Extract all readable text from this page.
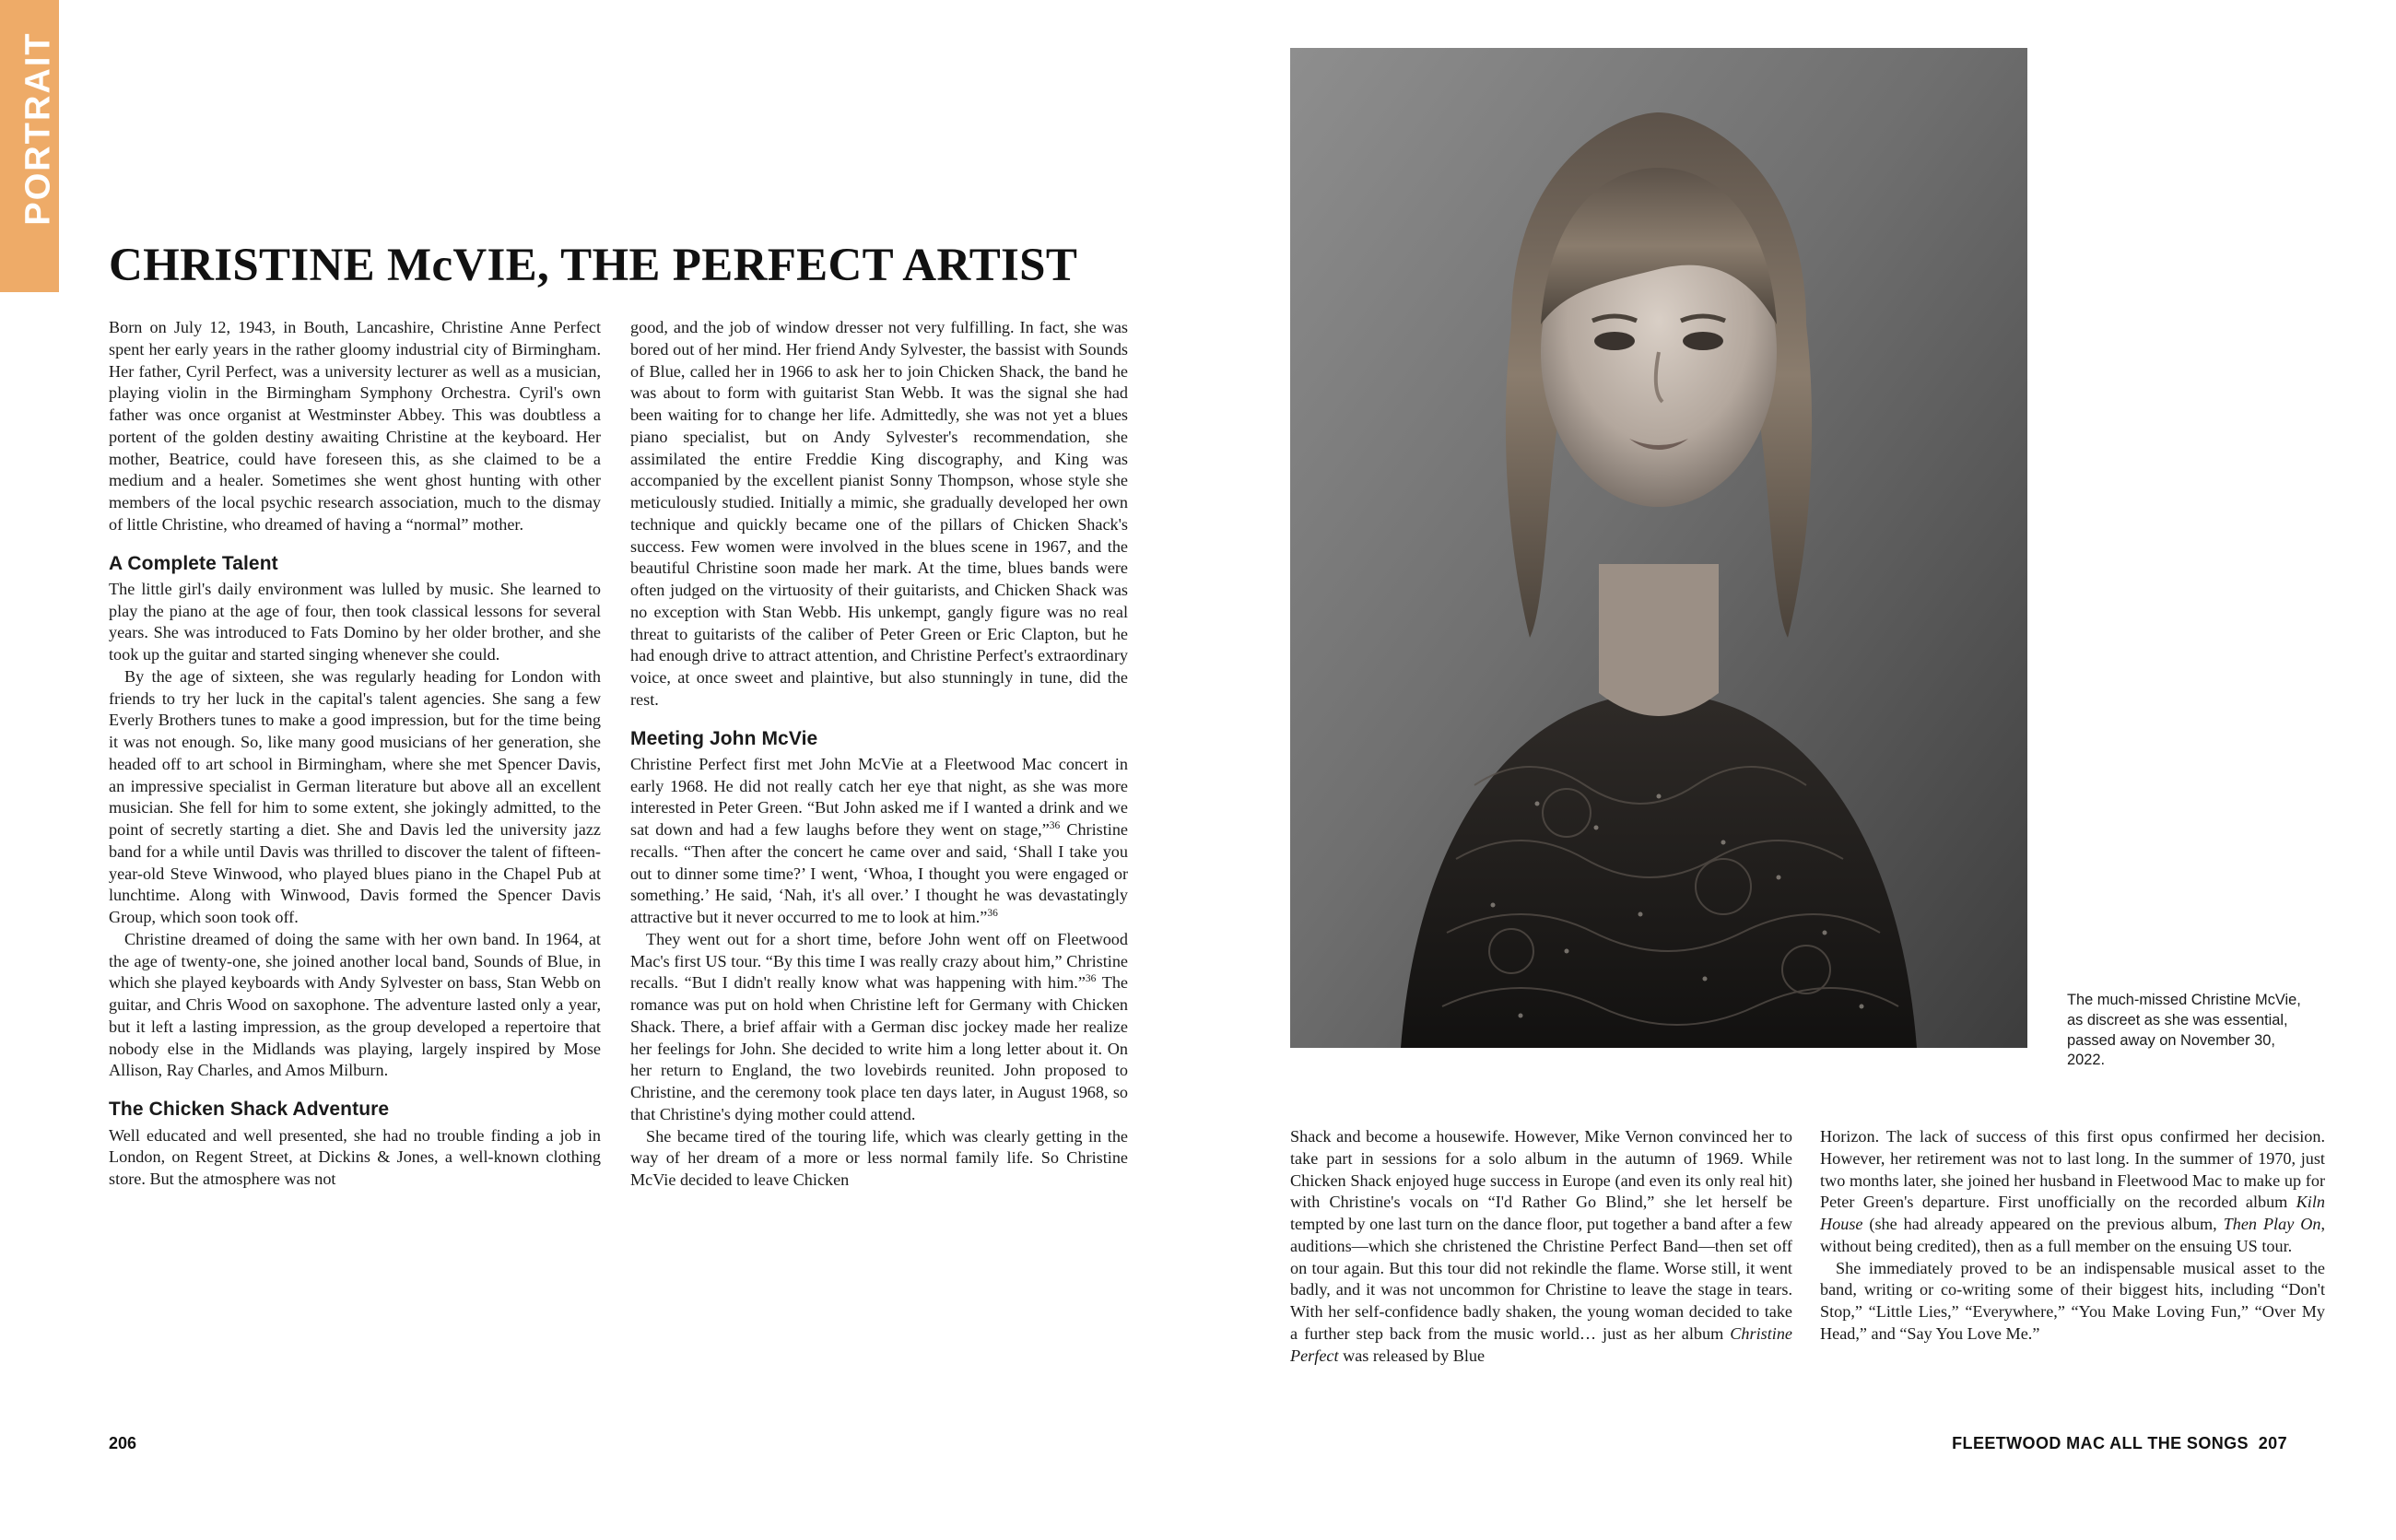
PORTRAIT
CHRISTINE McVIE, THE PERFECT ARTIST

Born on July 12, 1943, in Bouth, Lancashire, Christine Anne Perfect spent her early years in the rather gloomy industrial city of Birmingham. Her father, Cyril Perfect, was a university lecturer as well as a musician, playing violin in the Birmingham Symphony Orchestra. Cyril's own father was once organist at Westminster Abbey. This was doubtless a portent of the golden destiny awaiting Christine at the keyboard. Her mother, Beatrice, could have foreseen this, as she claimed to be a medium and a healer. Sometimes she went ghost hunting with other members of the local psychic research association, much to the dismay of little Christine, who dreamed of having a “normal” mother.

A Complete Talent

The little girl's daily environment was lulled by music. She learned to play the piano at the age of four, then took classical lessons for several years. She was introduced to Fats Domino by her older brother, and she took up the guitar and started singing whenever she could.

By the age of sixteen, she was regularly heading for London with friends to try her luck in the capital's talent agencies. She sang a few Everly Brothers tunes to make a good impression, but for the time being it was not enough. So, like many good musicians of her generation, she headed off to art school in Birmingham, where she met Spencer Davis, an impressive specialist in German literature but above all an excellent musician. She fell for him to some extent, she jokingly admitted, to the point of secretly starting a diet. She and Davis led the university jazz band for a while until Davis was thrilled to discover the talent of fifteen-year-old Steve Winwood, who played blues piano in the Chapel Pub at lunchtime. Along with Winwood, Davis formed the Spencer Davis Group, which soon took off.

Christine dreamed of doing the same with her own band. In 1964, at the age of twenty-one, she joined another local band, Sounds of Blue, in which she played keyboards with Andy Sylvester on bass, Stan Webb on guitar, and Chris Wood on saxophone. The adventure lasted only a year, but it left a lasting impression, as the group developed a repertoire that nobody else in the Midlands was playing, largely inspired by Mose Allison, Ray Charles, and Amos Milburn.

The Chicken Shack Adventure

Well educated and well presented, she had no trouble finding a job in London, on Regent Street, at Dickins & Jones, a well-known clothing store. But the atmosphere was not

good, and the job of window dresser not very fulfilling. In fact, she was bored out of her mind. Her friend Andy Sylvester, the bassist with Sounds of Blue, called her in 1966 to ask her to join Chicken Shack, the band he was about to form with guitarist Stan Webb. It was the signal she had been waiting for to change her life. Admittedly, she was not yet a blues piano specialist, but on Andy Sylvester's recommendation, she assimilated the entire Freddie King discography, and King was accompanied by the excellent pianist Sonny Thompson, whose style she meticulously studied. Initially a mimic, she gradually developed her own technique and quickly became one of the pillars of Chicken Shack's success. Few women were involved in the blues scene in 1967, and the beautiful Christine soon made her mark. At the time, blues bands were often judged on the virtuosity of their guitarists, and Chicken Shack was no exception with Stan Webb. His unkempt, gangly figure was no real threat to guitarists of the caliber of Peter Green or Eric Clapton, but he had enough drive to attract attention, and Christine Perfect's extraordinary voice, at once sweet and plaintive, but also stunningly in tune, did the rest.

Meeting John McVie

Christine Perfect first met John McVie at a Fleetwood Mac concert in early 1968. He did not really catch her eye that night, as she was more interested in Peter Green. “But John asked me if I wanted a drink and we sat down and had a few laughs before they went on stage,”$^{36}$ Christine recalls. “Then after the concert he came over and said, ‘Shall I take you out to dinner some time?’ I went, ‘Whoa, I thought you were engaged or something.’ He said, ‘Nah, it's all over.’ I thought he was devastatingly attractive but it never occurred to me to look at him.”$^{36}$

They went out for a short time, before John went off on Fleetwood Mac's first US tour. “By this time I was really crazy about him,” Christine recalls. “But I didn't really know what was happening with him.”$^{36}$ The romance was put on hold when Christine left for Germany with Chicken Shack. There, a brief affair with a German disc jockey made her realize her feelings for John. She decided to write him a long letter about it. On her return to England, the two lovebirds reunited. John proposed to Christine, and the ceremony took place ten days later, in August 1968, so that Christine's dying mother could attend.

She became tired of the touring life, which was clearly getting in the way of her dream of a more or less normal family life. So Christine McVie decided to leave Chicken

The much-missed Christine McVie, as discreet as she was essential, passed away on November 30, 2022.

Shack and become a housewife. However, Mike Vernon convinced her to take part in sessions for a solo album in the autumn of 1969. While Chicken Shack enjoyed huge success in Europe (and even its only real hit) with Christine's vocals on “I'd Rather Go Blind,” she let herself be tempted by one last turn on the dance floor, put together a band after a few auditions—which she christened the Christine Perfect Band—then set off on tour again. But this tour did not rekindle the flame. Worse still, it went badly, and it was not uncommon for Christine to leave the stage in tears. With her self-confidence badly shaken, the young woman decided to take a further step back from the music world… just as her album Christine Perfect was released by Blue

Horizon. The lack of success of this first opus confirmed her decision. However, her retirement was not to last long. In the summer of 1970, just two months later, she joined her husband in Fleetwood Mac to make up for Peter Green's departure. First unofficially on the recorded album Kiln House (she had already appeared on the previous album, Then Play On, without being credited), then as a full member on the ensuing US tour.

She immediately proved to be an indispensable musical asset to the band, writing or co-writing some of their biggest hits, including “Don't Stop,” “Little Lies,” “Everywhere,” “You Make Loving Fun,” “Over My Head,” and “Say You Love Me.”

206	FLEETWOOD MAC ALL THE SONGS 207
